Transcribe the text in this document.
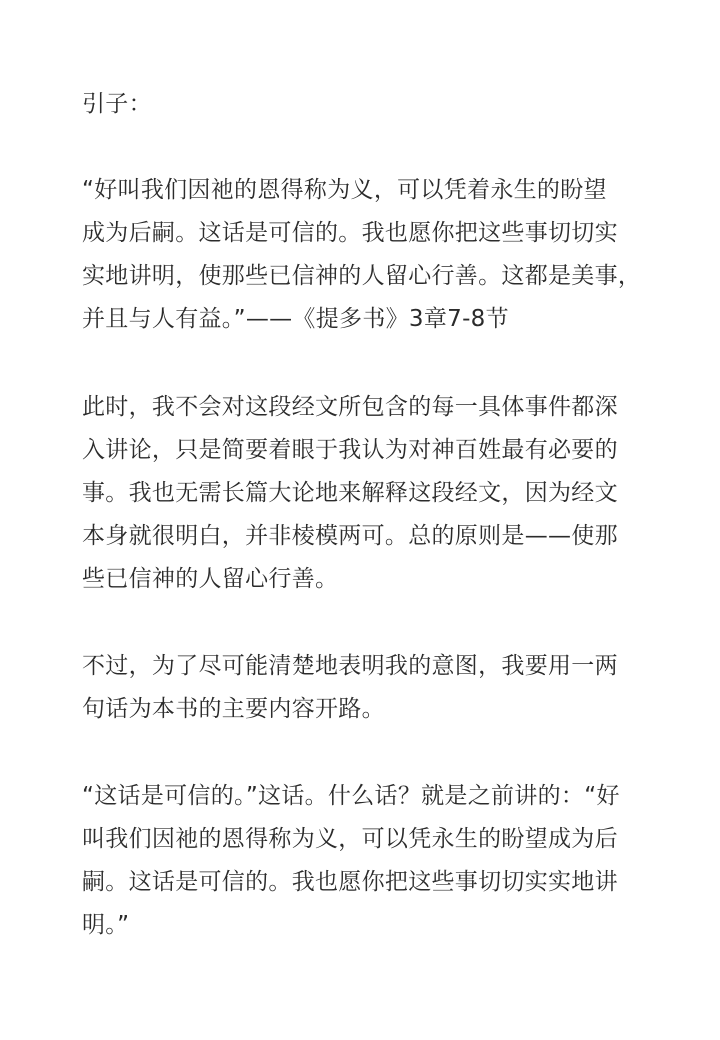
引子：
“好叫我们因祂的恩得称为义，可以凭着永生的盼望
成为后嗣。这话是可信的。我也愿你把这些事切切实
实地讲明，使那些已信神的人留心行善。这都是美事，
并且与人有益。”——《提多书》3章7-8节
此时，我不会对这段经文所包含的每一具体事件都深
入讲论，只是简要着眼于我认为对神百姓最有必要的
事。我也无需长篇大论地来解释这段经文，因为经文
本身就很明白，并非棱模两可。总的原则是——使那
些已信神的人留心行善。
不过，为了尽可能清楚地表明我的意图，我要用一两
句话为本书的主要内容开路。
“这话是可信的。”这话。什么话？就是之前讲的：“好
叫我们因祂的恩得称为义，可以凭永生的盼望成为后
嗣。这话是可信的。我也愿你把这些事切切实实地讲
明。”
